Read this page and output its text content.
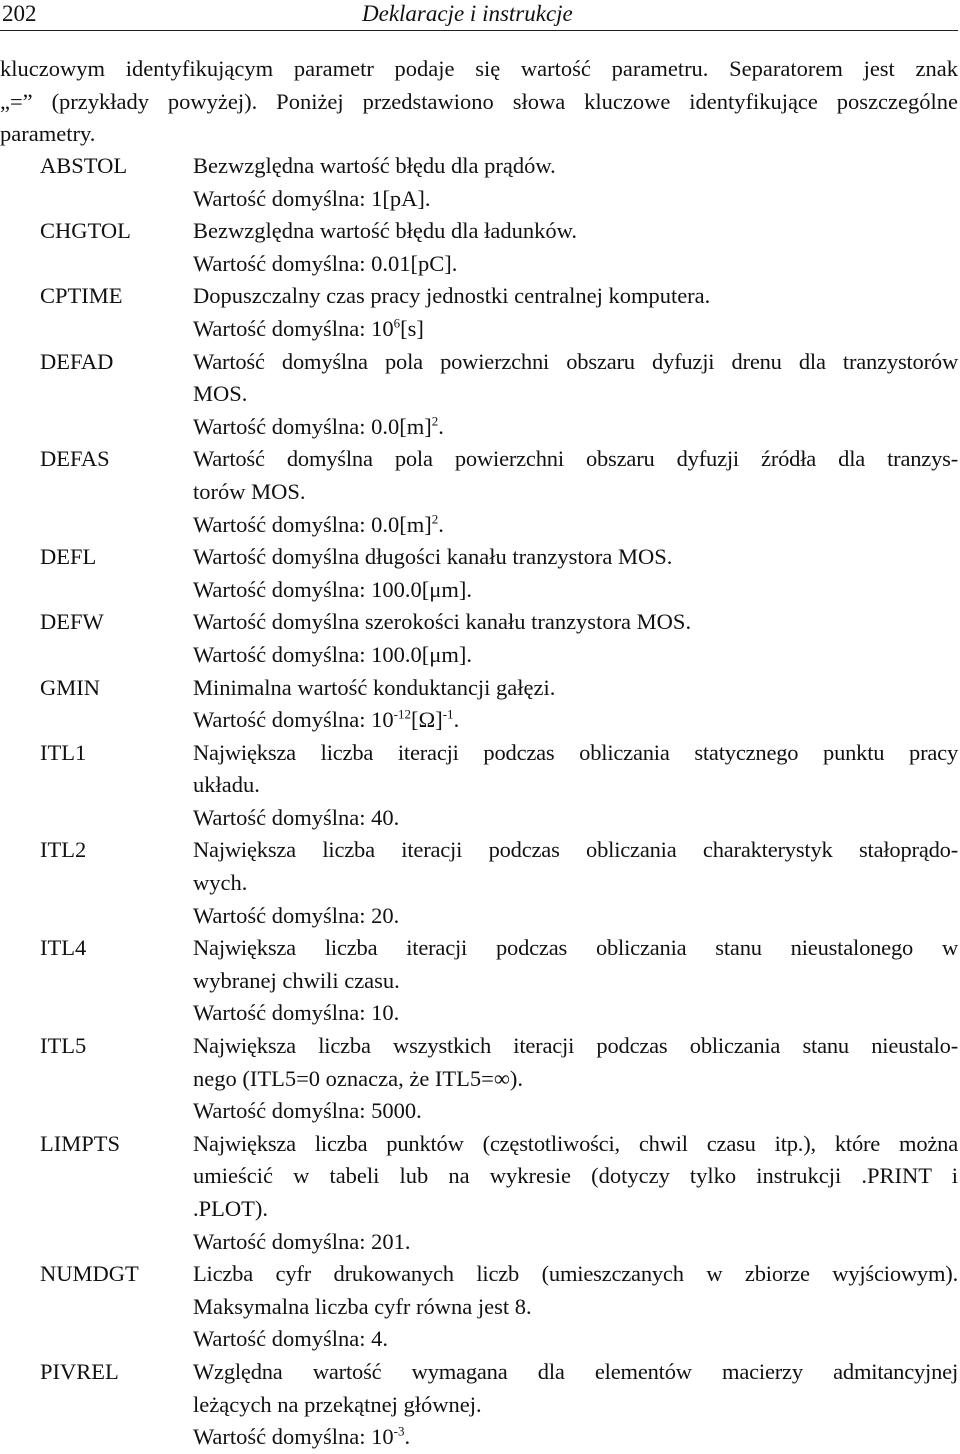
202	Deklaracje i instrukcje
kluczowym identyfikującym parametr podaje się wartość parametru. Separatorem jest znak
„=” (przykłady powyżej). Poniżej przedstawiono słowa kluczowe identyfikujące poszczególne
parametry.
ABSTOL	Bezwzględna wartość błędu dla prądów.
Wartość domyślna: 1[pA].
CHGTOL	Bezwzględna wartość błędu dla ładunków.
Wartość domyślna: 0.01[pC].
CPTIME	Dopuszczalny czas pracy jednostki centralnej komputera.
Wartość domyślna: $10^6[s]$
DEFAD	Wartość domyślna pola powierzchni obszaru dyfuzji drenu dla tranzystorów
MOS.
Wartość domyślna: $0.0[m]^2$.
DEFAS	Wartość domyślna pola powierzchni obszaru dyfuzji źródła dla tranzys-
torów MOS.
Wartość domyślna: $0.0[m]^2$.
DEFL	Wartość domyślna długości kanału tranzystora MOS.
Wartość domyślna: 100.0[μm].
DEFW	Wartość domyślna szerokości kanału tranzystora MOS.
Wartość domyślna: 100.0[μm].
GMIN	Minimalna wartość konduktancji gałęzi.
Wartość domyślna: $10^{-12}[\Omega]^{-1}$.
ITL1	Największa liczba iteracji podczas obliczania statycznego punktu pracy
układu.
Wartość domyślna: 40.
ITL2	Największa liczba iteracji podczas obliczania charakterystyk stałoprądo-
wych.
Wartość domyślna: 20.
ITL4	Największa liczba iteracji podczas obliczania stanu nieustalonego w
wybranej chwili czasu.
Wartość domyślna: 10.
ITL5	Największa liczba wszystkich iteracji podczas obliczania stanu nieustalo-
nego (ITL5=0 oznacza, że ITL5=∞).
Wartość domyślna: 5000.
LIMPTS	Największa liczba punktów (częstotliwości, chwil czasu itp.), które można
umieścić w tabeli lub na wykresie (dotyczy tylko instrukcji .PRINT i
.PLOT).
Wartość domyślna: 201.
NUMDGT Liczba cyfr drukowanych liczb (umieszczanych w zbiorze wyjściowym).
Maksymalna liczba cyfr równa jest 8.
Wartość domyślna: 4.
PIVREL	Względna wartość wymagana dla elementów macierzy admitancyjnej
leżących na przekątnej głównej.
Wartość domyślna: $10^{-3}$.
